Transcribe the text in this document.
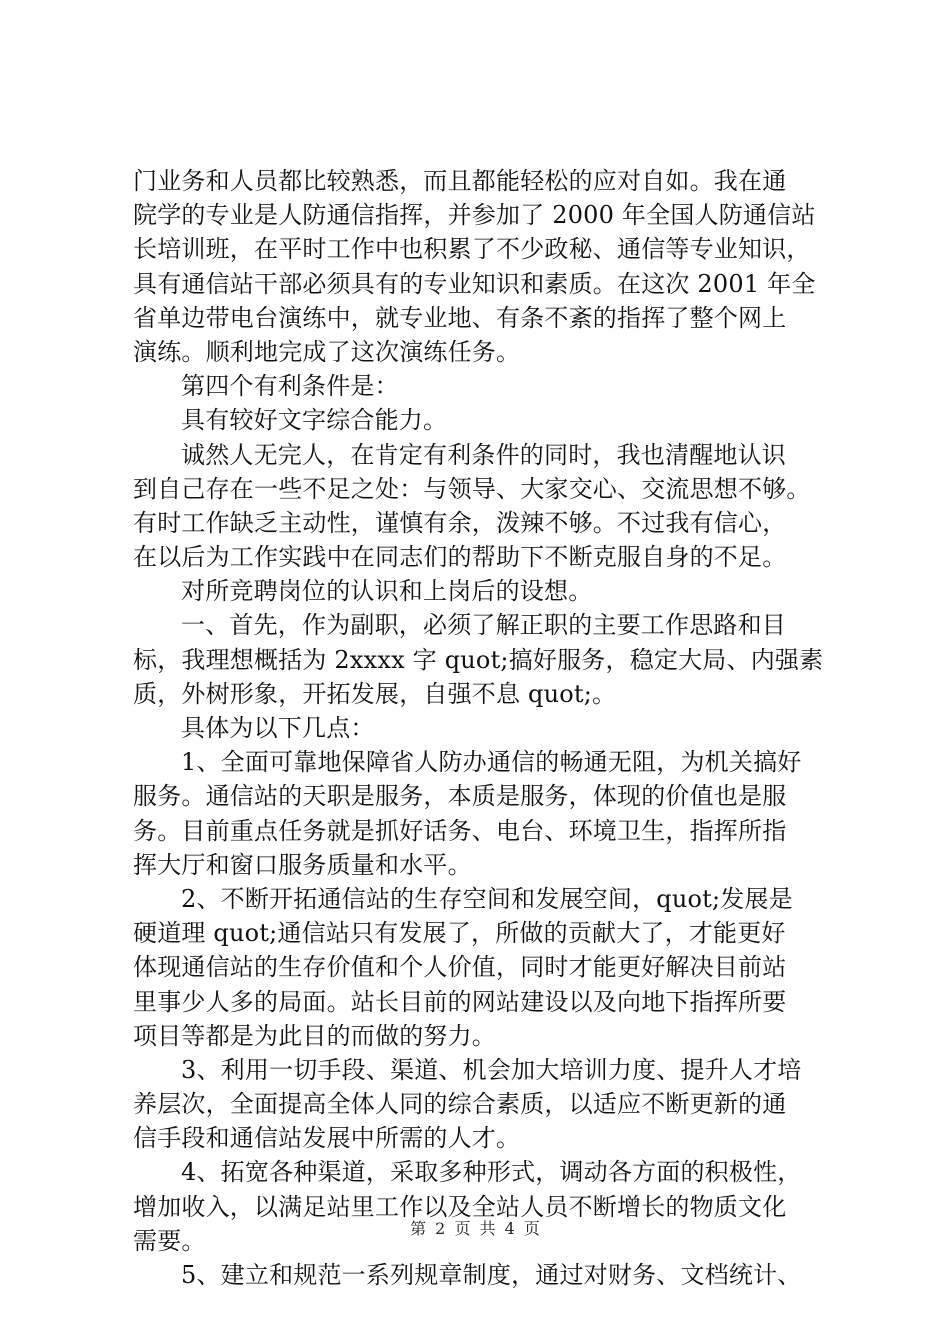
门业务和人员都比较熟悉，而且都能轻松的应对自如。我在通
院学的专业是人防通信指挥，并参加了 2000 年全国人防通信站
长培训班，在平时工作中也积累了不少政秘、通信等专业知识，
具有通信站干部必须具有的专业知识和素质。在这次 2001 年全
省单边带电台演练中，就专业地、有条不紊的指挥了整个网上
演练。顺利地完成了这次演练任务。
第四个有利条件是：
具有较好文字综合能力。
诚然人无完人，在肯定有利条件的同时，我也清醒地认识
到自己存在一些不足之处：与领导、大家交心、交流思想不够。
有时工作缺乏主动性，谨慎有余，泼辣不够。不过我有信心，
在以后为工作实践中在同志们的帮助下不断克服自身的不足。
对所竞聘岗位的认识和上岗后的设想。
一、首先，作为副职，必须了解正职的主要工作思路和目
标，我理想概括为 2xxxx 字 quot;搞好服务，稳定大局、内强素
质，外树形象，开拓发展，自强不息 quot;。
具体为以下几点：
1、全面可靠地保障省人防办通信的畅通无阻，为机关搞好
服务。通信站的天职是服务，本质是服务，体现的价值也是服
务。目前重点任务就是抓好话务、电台、环境卫生，指挥所指
挥大厅和窗口服务质量和水平。
2、不断开拓通信站的生存空间和发展空间，quot;发展是
硬道理 quot;通信站只有发展了，所做的贡献大了，才能更好
体现通信站的生存价值和个人价值，同时才能更好解决目前站
里事少人多的局面。站长目前的网站建设以及向地下指挥所要
项目等都是为此目的而做的努力。
3、利用一切手段、渠道、机会加大培训力度、提升人才培
养层次，全面提高全体人同的综合素质，以适应不断更新的通
信手段和通信站发展中所需的人才。
4、拓宽各种渠道，采取多种形式，调动各方面的积极性，
增加收入，以满足站里工作以及全站人员不断增长的物质文化
需要。
5、建立和规范一系列规章制度，通过对财务、文档统计、
第 2 页 共 4 页
